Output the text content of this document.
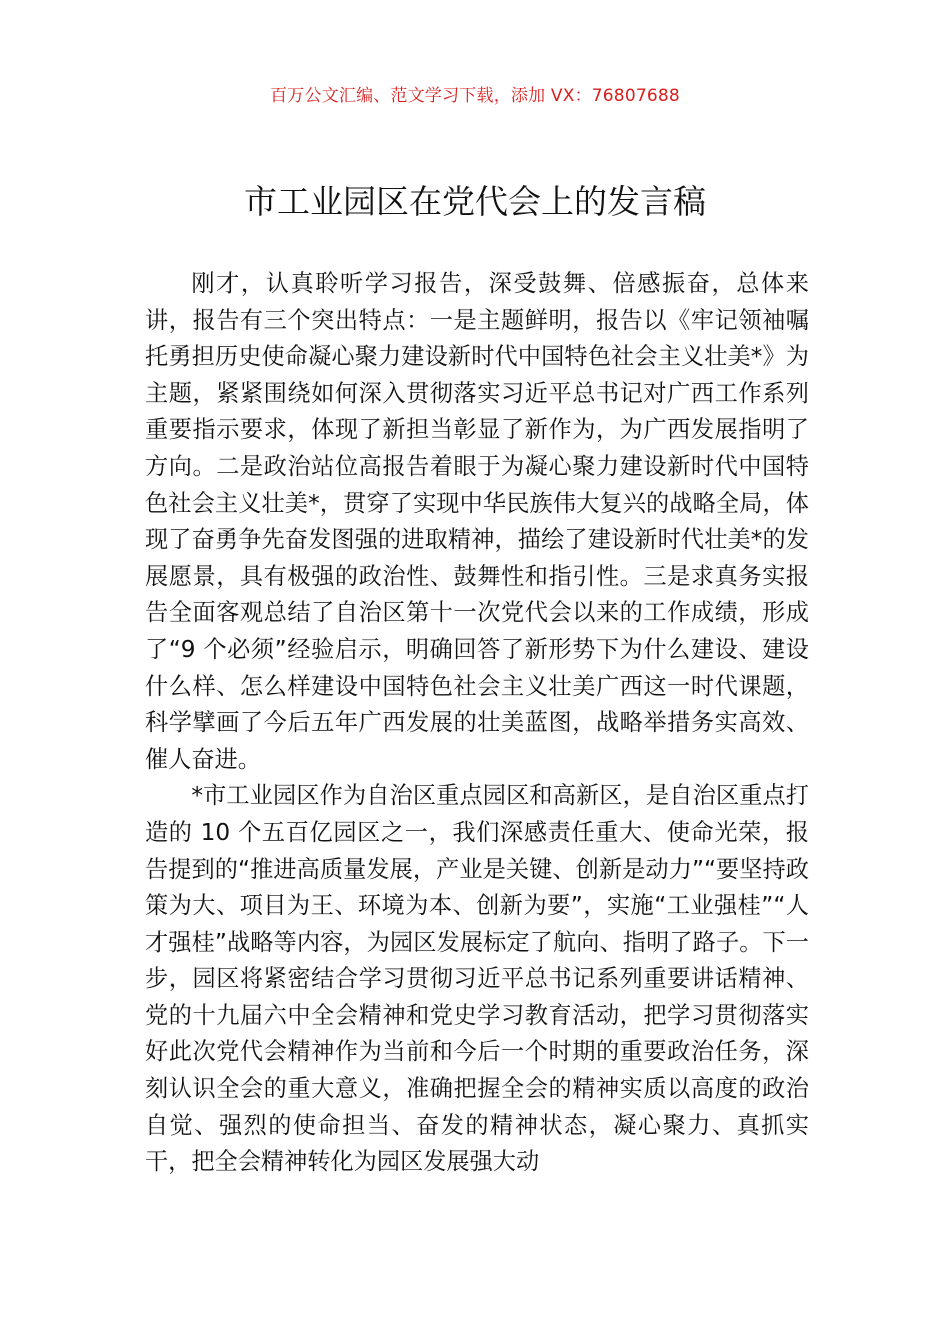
百万公文汇编、范文学习下载，添加 VX：76807688
市工业园区在党代会上的发言稿

刚才，认真聆听学习报告，深受鼓舞、倍感振奋，总体来讲，报告有三个突出特点：一是主题鲜明，报告以《牢记领袖嘱托勇担历史使命凝心聚力建设新时代中国特色社会主义壮美*》为主题，紧紧围绕如何深入贯彻落实习近平总书记对广西工作系列重要指示要求，体现了新担当彰显了新作为，为广西发展指明了方向。二是政治站位高报告着眼于为凝心聚力建设新时代中国特色社会主义壮美*，贯穿了实现中华民族伟大复兴的战略全局，体现了奋勇争先奋发图强的进取精神，描绘了建设新时代壮美*的发展愿景，具有极强的政治性、鼓舞性和指引性。三是求真务实报告全面客观总结了自治区第十一次党代会以来的工作成绩，形成了“9 个必须”经验启示，明确回答了新形势下为什么建设、建设什么样、怎么样建设中国特色社会主义壮美广西这一时代课题，科学擘画了今后五年广西发展的壮美蓝图，战略举措务实高效、催人奋进。

*市工业园区作为自治区重点园区和高新区，是自治区重点打造的 10 个五百亿园区之一，我们深感责任重大、使命光荣，报告提到的“推进高质量发展，产业是关键、创新是动力”“要坚持政策为大、项目为王、环境为本、创新为要”，实施“工业强桂”“人才强桂”战略等内容，为园区发展标定了航向、指明了路子。下一步，园区将紧密结合学习贯彻习近平总书记系列重要讲话精神、党的十九届六中全会精神和党史学习教育活动，把学习贯彻落实好此次党代会精神作为当前和今后一个时期的重要政治任务，深刻认识全会的重大意义，准确把握全会的精神实质以高度的政治自觉、强烈的使命担当、奋发的精神状态，凝心聚力、真抓实干，把全会精神转化为园区发展强大动
